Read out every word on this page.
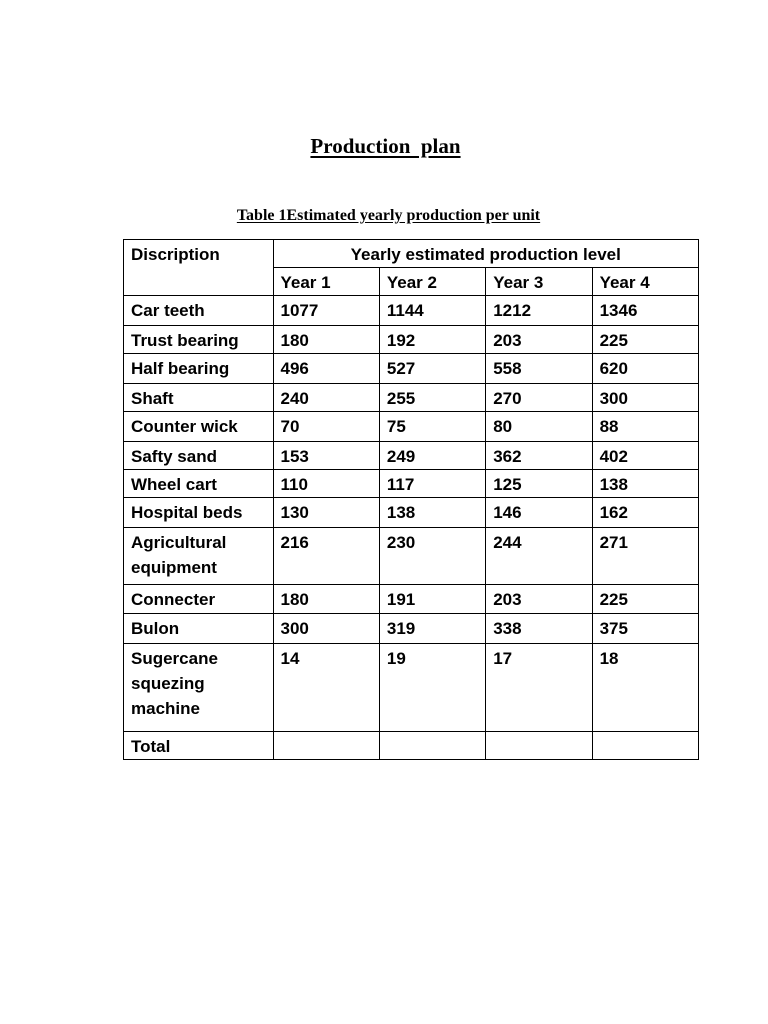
Production  plan

Table 1Estimated yearly production per unit

Discription	Yearly estimated production level			
	Year 1	Year 2	Year 3	Year 4
Car teeth	1077	1144	1212	1346
Trust bearing	180	192	203	225
Half bearing	496	527	558	620
Shaft	240	255	270	300
Counter wick	70	75	80	88
Safty sand	153	249	362	402
Wheel cart	110	117	125	138
Hospital beds	130	138	146	162
Agricultural equipment	216	230	244	271
Connecter	180	191	203	225
Bulon	300	319	338	375
Sugercane squezing machine	14	19	17	18
Total				
